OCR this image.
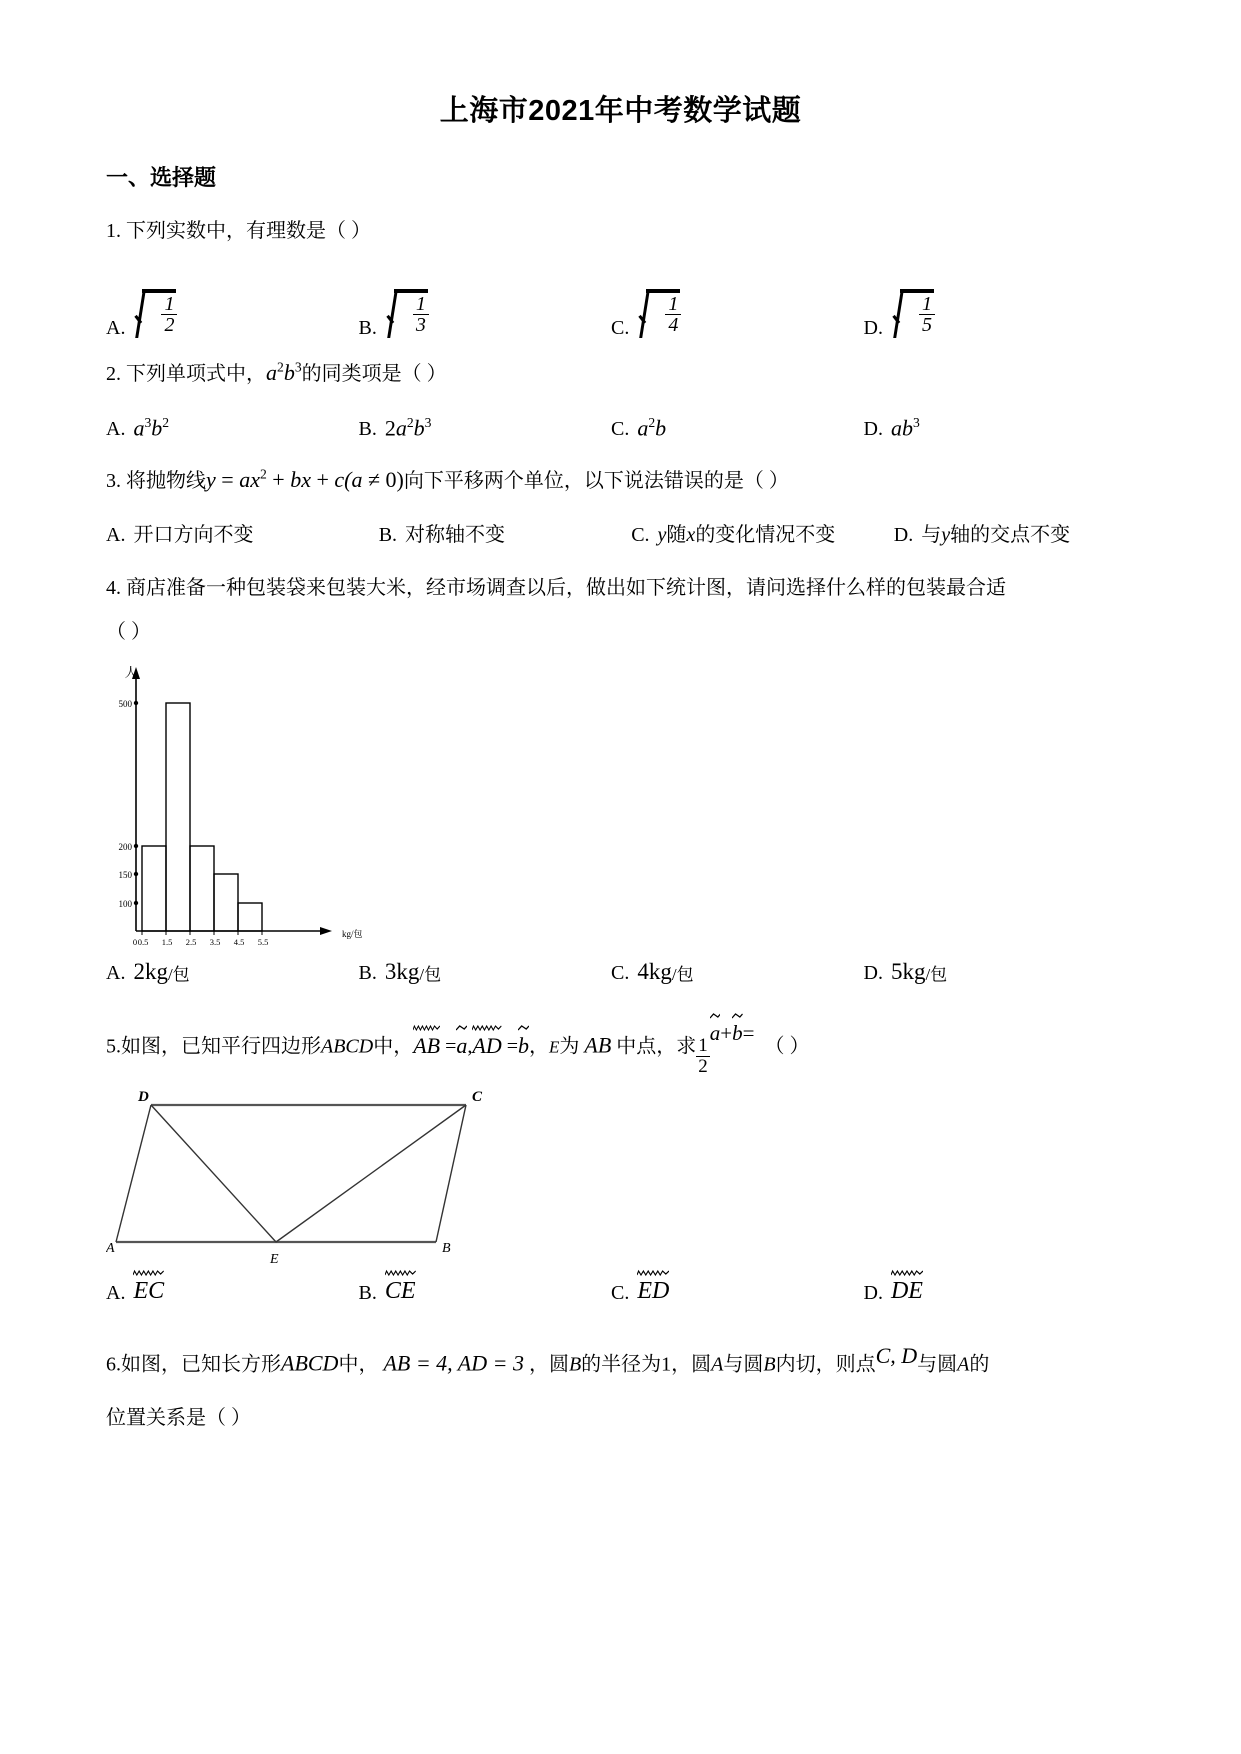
上海市2021年中考数学试题
一、选择题
1. 下列实数中，有理数是（ ）
A. $\frac{1}{2}$	B. $\frac{1}{3}$	C. $\frac{1}{4}$	D. $\frac{1}{5}$
2. 下列单项式中，$a^2b^3$的同类项是（ ）
A. $a^3b^2$	B. $2a^2b^3$	C. $a^2b$	D. $ab^3$
3. 将抛物线$y = ax^2$ + bx + c(a ≠ 0)向下平移两个单位，以下说法错误的是（ ）
A. 开口方向不变	B. 对称轴不变	C. y随x的变化情况不变	D. 与y轴的交点不变
4. 商店准备一种包装袋来包装大米，经市场调查以后，做出如下统计图，请问选择什么样的包装最合适
（ ）
500
200
150
100
人
0 0.5 1.5 2.5 3.5 4.5 5.5
kg/包
A. 2kg /包	B. 3kg /包	C. 4kg /包	D. 5kg /包
5.如图，已知平行四边形ABCD中，
AB =
a,
AD =
b，E为 AB 中点，求 $\frac{1}{2}$
a+
b=  （ ）
D	C
A	B
E
A. EC	B. CE	C. ED	D. DE
6.如图，已知长方形ABCD中， AB = 4, AD = 3 ，圆B的半径为1，圆A与圆B内切，则点C, D与圆A的
位置关系是（ ）
